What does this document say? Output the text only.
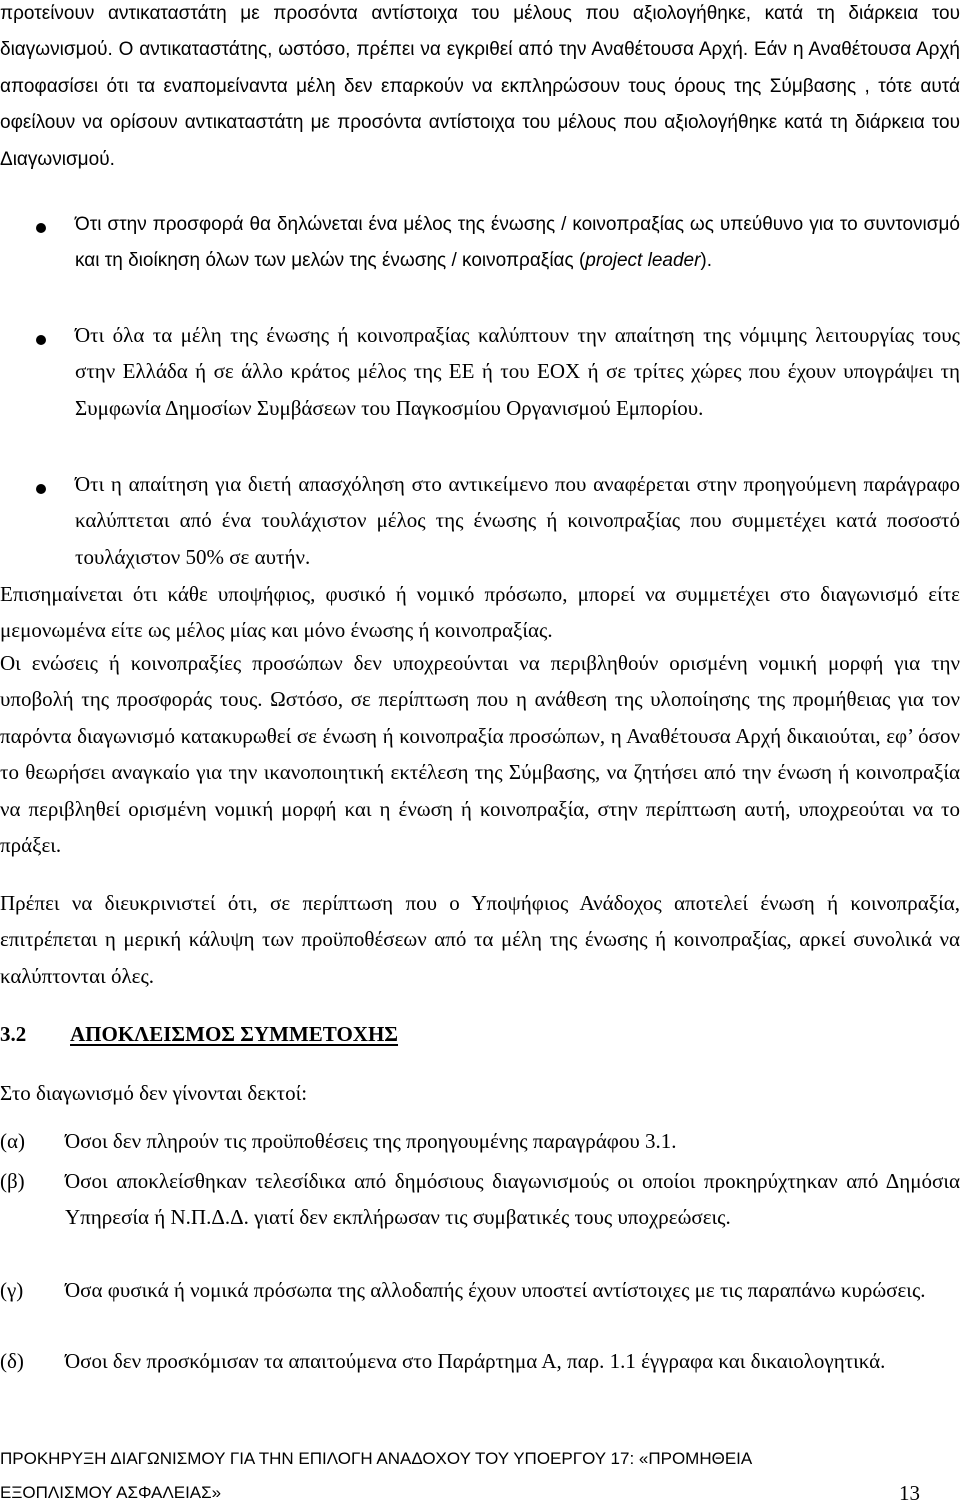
προτείνουν αντικαταστάτη με προσόντα αντίστοιχα του μέλους που αξιολογήθηκε, κατά τη διάρκεια του διαγωνισμού. Ο αντικαταστάτης, ωστόσο, πρέπει να εγκριθεί από την Αναθέτουσα Αρχή. Εάν η Αναθέτουσα Αρχή αποφασίσει ότι τα εναπομείναντα μέλη δεν επαρκούν να εκπληρώσουν τους όρους της Σύμβασης , τότε αυτά οφείλουν να ορίσουν αντικαταστάτη με προσόντα αντίστοιχα του μέλους που αξιολογήθηκε κατά τη διάρκεια του Διαγωνισμού.

Ότι στην προσφορά θα δηλώνεται ένα μέλος της ένωσης / κοινοπραξίας ως υπεύθυνο για το συντονισμό και τη διοίκηση όλων των μελών της ένωσης / κοινοπραξίας (project leader).

Ότι όλα τα μέλη της ένωσης ή κοινοπραξίας καλύπτουν την απαίτηση της νόμιμης λειτουργίας τους στην Ελλάδα ή σε άλλο κράτος μέλος της ΕΕ ή του ΕΟΧ ή σε τρίτες χώρες που έχουν υπογράψει τη Συμφωνία Δημοσίων Συμβάσεων του Παγκοσμίου Οργανισμού Εμπορίου.

Ότι η απαίτηση για διετή απασχόληση στο αντικείμενο που αναφέρεται στην προηγούμενη παράγραφο καλύπτεται από ένα τουλάχιστον μέλος της ένωσης ή κοινοπραξίας που συμμετέχει κατά ποσοστό τουλάχιστον 50% σε αυτήν.

Επισημαίνεται ότι κάθε υποψήφιος, φυσικό ή νομικό πρόσωπο, μπορεί να συμμετέχει στο διαγωνισμό είτε μεμονωμένα είτε ως μέλος μίας και μόνο ένωσης ή κοινοπραξίας.

Οι ενώσεις ή κοινοπραξίες προσώπων δεν υποχρεούνται να περιβληθούν ορισμένη νομική μορφή για την υποβολή της προσφοράς τους. Ωστόσο, σε περίπτωση που η ανάθεση της υλοποίησης της προμήθειας για τον παρόντα διαγωνισμό κατακυρωθεί σε ένωση ή κοινοπραξία προσώπων, η Αναθέτουσα Αρχή δικαιούται, εφ’ όσον το θεωρήσει αναγκαίο για την ικανοποιητική εκτέλεση της Σύμβασης, να ζητήσει από την ένωση ή κοινοπραξία να περιβληθεί ορισμένη νομική μορφή και η ένωση ή κοινοπραξία, στην περίπτωση αυτή, υποχρεούται να το πράξει.

Πρέπει να διευκρινιστεί ότι, σε περίπτωση που ο Υποψήφιος Ανάδοχος αποτελεί ένωση ή κοινοπραξία, επιτρέπεται η μερική κάλυψη των προϋποθέσεων από τα μέλη της ένωσης ή κοινοπραξίας, αρκεί συνολικά να καλύπτονται όλες.

3.2 ΑΠΟΚΛΕΙΣΜΟΣ ΣΥΜΜΕΤΟΧΗΣ

Στο διαγωνισμό δεν γίνονται δεκτοί:

(α) Όσοι δεν πληρούν τις προϋποθέσεις της προηγουμένης παραγράφου 3.1.

(β) Όσοι αποκλείσθηκαν τελεσίδικα από δημόσιους διαγωνισμούς οι οποίοι προκηρύχτηκαν από Δημόσια Υπηρεσία ή Ν.Π.Δ.Δ. γιατί δεν εκπλήρωσαν τις συμβατικές τους υποχρεώσεις.

(γ) Όσα φυσικά ή νομικά πρόσωπα της αλλοδαπής έχουν υποστεί αντίστοιχες με τις παραπάνω κυρώσεις.

(δ) Όσοι δεν προσκόμισαν τα απαιτούμενα στο Παράρτημα Α, παρ. 1.1 έγγραφα και δικαιολογητικά.

ΠΡΟΚΗΡΥΞΗ ΔΙΑΓΩΝΙΣΜΟΥ ΓΙΑ ΤΗΝ ΕΠΙΛΟΓΗ ΑΝΑΔΟΧΟΥ ΤΟΥ ΥΠΟΕΡΓΟΥ 17: «ΠΡΟΜΗΘΕΙΑ
ΕΞΟΠΛΙΣΜΟΥ ΑΣΦΑΛΕΙΑΣ»	13
